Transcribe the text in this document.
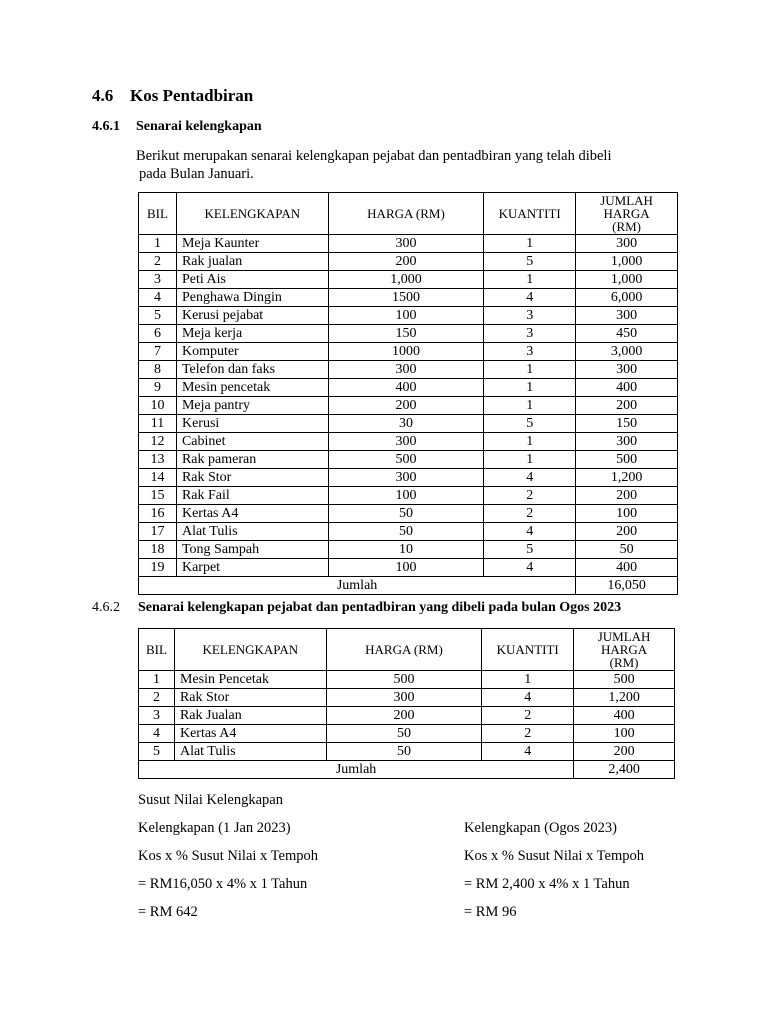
4.6 Kos Pentadbiran
4.6.1 Senarai kelengkapan
Berikut merupakan senarai kelengkapan pejabat dan pentadbiran yang telah dibeli
pada Bulan Januari.
BIL	KELENGKAPAN	HARGA (RM)	KUANTITI	JUMLAH HARGA
(RM)
1	Meja Kaunter	300	1	300
2	Rak jualan	200	5	1,000
3	Peti Ais	1,000	1	1,000
4	Penghawa Dingin	1500	4	6,000
5	Kerusi pejabat	100	3	300
6	Meja kerja	150	3	450
7	Komputer	1000	3	3,000
8	Telefon dan faks	300	1	300
9	Mesin pencetak	400	1	400
10	Meja pantry	200	1	200
11	Kerusi	30	5	150
12	Cabinet	300	1	300
13	Rak pameran	500	1	500
14	Rak Stor	300	4	1,200
15	Rak Fail	100	2	200
16	Kertas A4	50	2	100
17	Alat Tulis	50	4	200
18	Tong Sampah	10	5	50
19	Karpet	100	4	400
Jumlah				16,050
4.6.2 Senarai kelengkapan pejabat dan pentadbiran yang dibeli pada bulan Ogos 2023
BIL	KELENGKAPAN	HARGA (RM)	KUANTITI	JUMLAH HARGA
(RM)
1	Mesin Pencetak	500	1	500
2	Rak Stor	300	4	1,200
3	Rak Jualan	200	2	400
4	Kertas A4	50	2	100
5	Alat Tulis	50	4	200
Jumlah				2,400
Susut Nilai Kelengkapan
Kelengkapan (1 Jan 2023)
Kos x % Susut Nilai x Tempoh
= RM16,050 x 4% x 1 Tahun
= RM 642
Kelengkapan (Ogos 2023)
Kos x % Susut Nilai x Tempoh
= RM 2,400 x 4% x 1 Tahun
= RM 96
